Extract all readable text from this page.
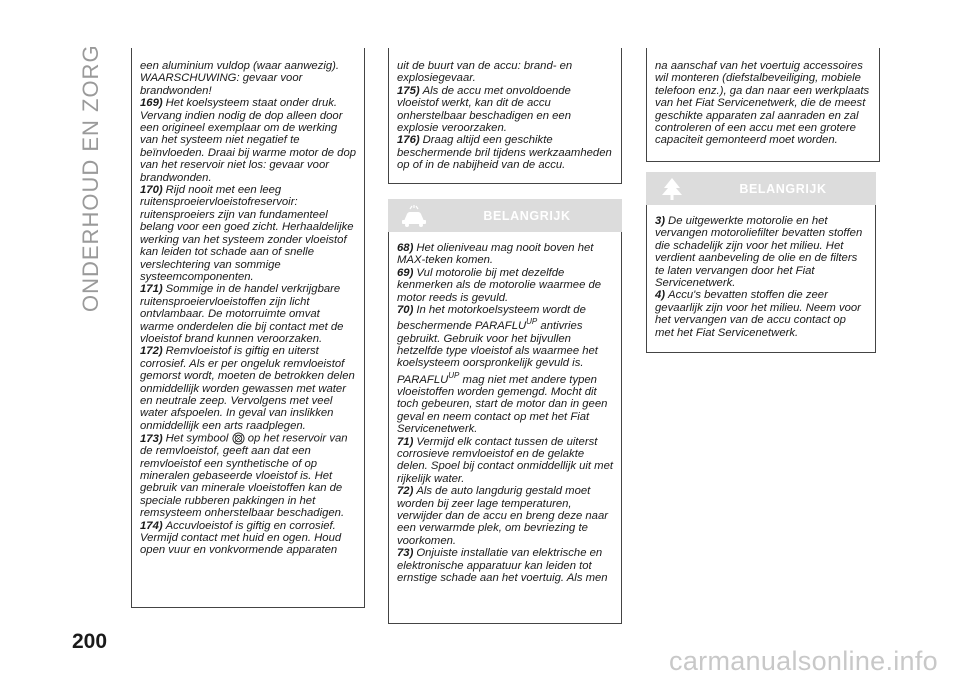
ONDERHOUD EN ZORG	een aluminium vuldop (waar aanwezig). WAARSCHUWING: gevaar voor brandwonden!

169) Het koelsysteem staat onder druk. Vervang indien nodig de dop alleen door een origineel exemplaar om de werking van het systeem niet negatief te beïnvloeden. Draai bij warme motor de dop van het reservoir niet los: gevaar voor brandwonden.

170) Rijd nooit met een leeg ruitensproeiervloeistofreservoir: ruitensproeiers zijn van fundamenteel belang voor een goed zicht. Herhaaldelijke werking van het systeem zonder vloeistof kan leiden tot schade aan of snelle verslechtering van sommige systeemcomponenten.

171) Sommige in de handel verkrijgbare ruitensproeiervloeistoffen zijn licht ontvlambaar. De motorruimte omvat warme onderdelen die bij contact met de vloeistof brand kunnen veroorzaken.

172) Remvloeistof is giftig en uiterst corrosief. Als er per ongeluk remvloeistof gemorst wordt, moeten de betrokken delen onmiddellijk worden gewassen met water en neutrale zeep. Vervolgens met veel water afspoelen. In geval van inslikken onmiddellijk een arts raadplegen.

173) Het symbool op het reservoir van de remvloeistof, geeft aan dat een remvloeistof een synthetische of op mineralen gebaseerde vloeistof is. Het gebruik van minerale vloeistoffen kan de speciale rubberen pakkingen in het remsysteem onherstelbaar beschadigen.

174) Accuvloeistof is giftig en corrosief. Vermijd contact met huid en ogen. Houd open vuur en vonkvormende apparaten

uit de buurt van de accu: brand- en explosiegevaar.

175) Als de accu met onvoldoende vloeistof werkt, kan dit de accu onherstelbaar beschadigen en een explosie veroorzaken.

176) Draag altijd een geschikte beschermende bril tijdens werkzaamheden op of in de nabijheid van de accu.

BELANGRIJK

68) Het olieniveau mag nooit boven het MAX-teken komen.

69) Vul motorolie bij met dezelfde kenmerken als de motorolie waarmee de motor reeds is gevuld.

70) In het motorkoelsysteem wordt de beschermende $PARAFLU^{UP}$ antivries gebruikt. Gebruik voor het bijvullen hetzelfde type vloeistof als waarmee het koelsysteem oorspronkelijk gevuld is. $PARAFLU^{UP}$ mag niet met andere typen vloeistoffen worden gemengd. Mocht dit toch gebeuren, start de motor dan in geen geval en neem contact op met het Fiat Servicenetwerk.

71) Vermijd elk contact tussen de uiterst corrosieve remvloeistof en de gelakte delen. Spoel bij contact onmiddellijk uit met rijkelijk water.

72) Als de auto langdurig gestald moet worden bij zeer lage temperaturen, verwijder dan de accu en breng deze naar een verwarmde plek, om bevriezing te voorkomen.

73) Onjuiste installatie van elektrische en elektronische apparatuur kan leiden tot ernstige schade aan het voertuig. Als men

na aanschaf van het voertuig accessoires wil monteren (diefstalbeveiliging, mobiele telefoon enz.), ga dan naar een werkplaats van het Fiat Servicenetwerk, die de meest geschikte apparaten zal aanraden en zal controleren of een accu met een grotere capaciteit gemonteerd moet worden.

BELANGRIJK

3) De uitgewerkte motorolie en het vervangen motoroliefilter bevatten stoffen die schadelijk zijn voor het milieu. Het verdient aanbeveling de olie en de filters te laten vervangen door het Fiat Servicenetwerk.

4) Accu's bevatten stoffen die zeer gevaarlijk zijn voor het milieu. Neem voor het vervangen van de accu contact op met het Fiat Servicenetwerk.

200
carmanualsonline.info
